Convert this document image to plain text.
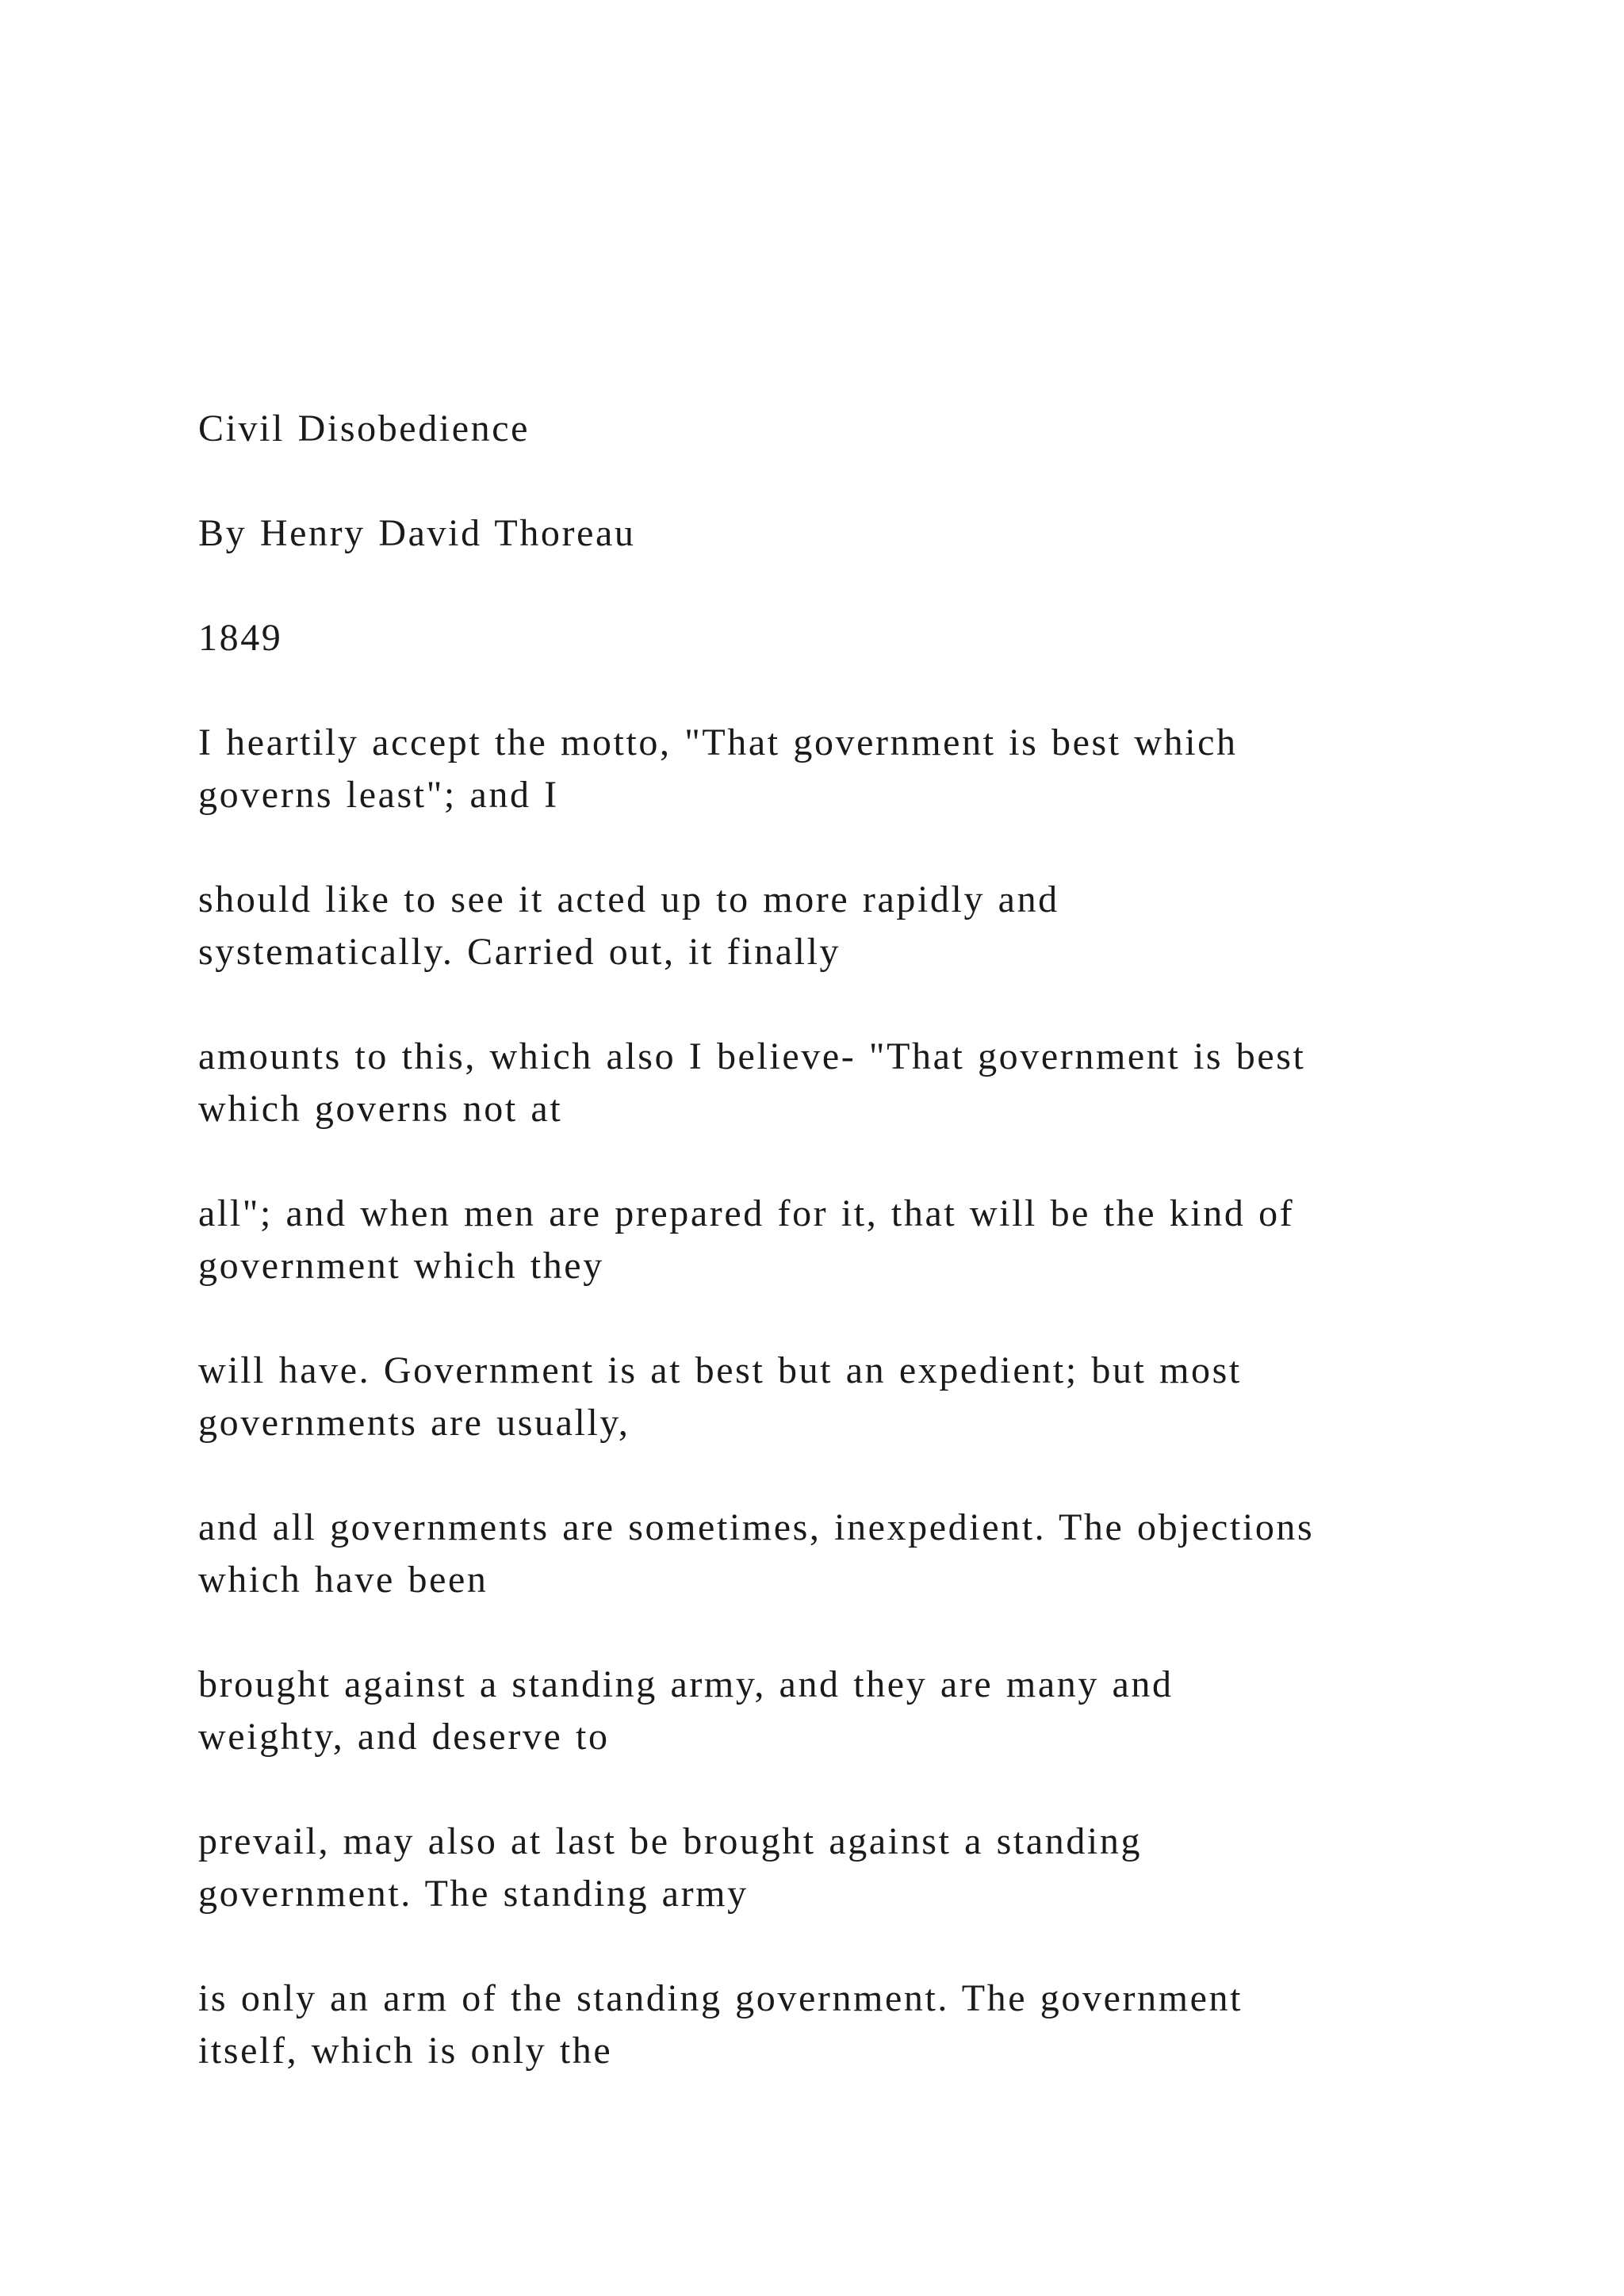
Civil Disobedience

By Henry David Thoreau

1849

I heartily accept the motto, "That government is best which
governs least"; and I

should like to see it acted up to more rapidly and
systematically. Carried out, it finally

amounts to this, which also I believe- "That government is best
which governs not at

all"; and when men are prepared for it, that will be the kind of
government which they

will have. Government is at best but an expedient; but most
governments are usually,

and all governments are sometimes, inexpedient. The objections
which have been

brought against a standing army, and they are many and
weighty, and deserve to

prevail, may also at last be brought against a standing
government. The standing army

is only an arm of the standing government. The government
itself, which is only the
